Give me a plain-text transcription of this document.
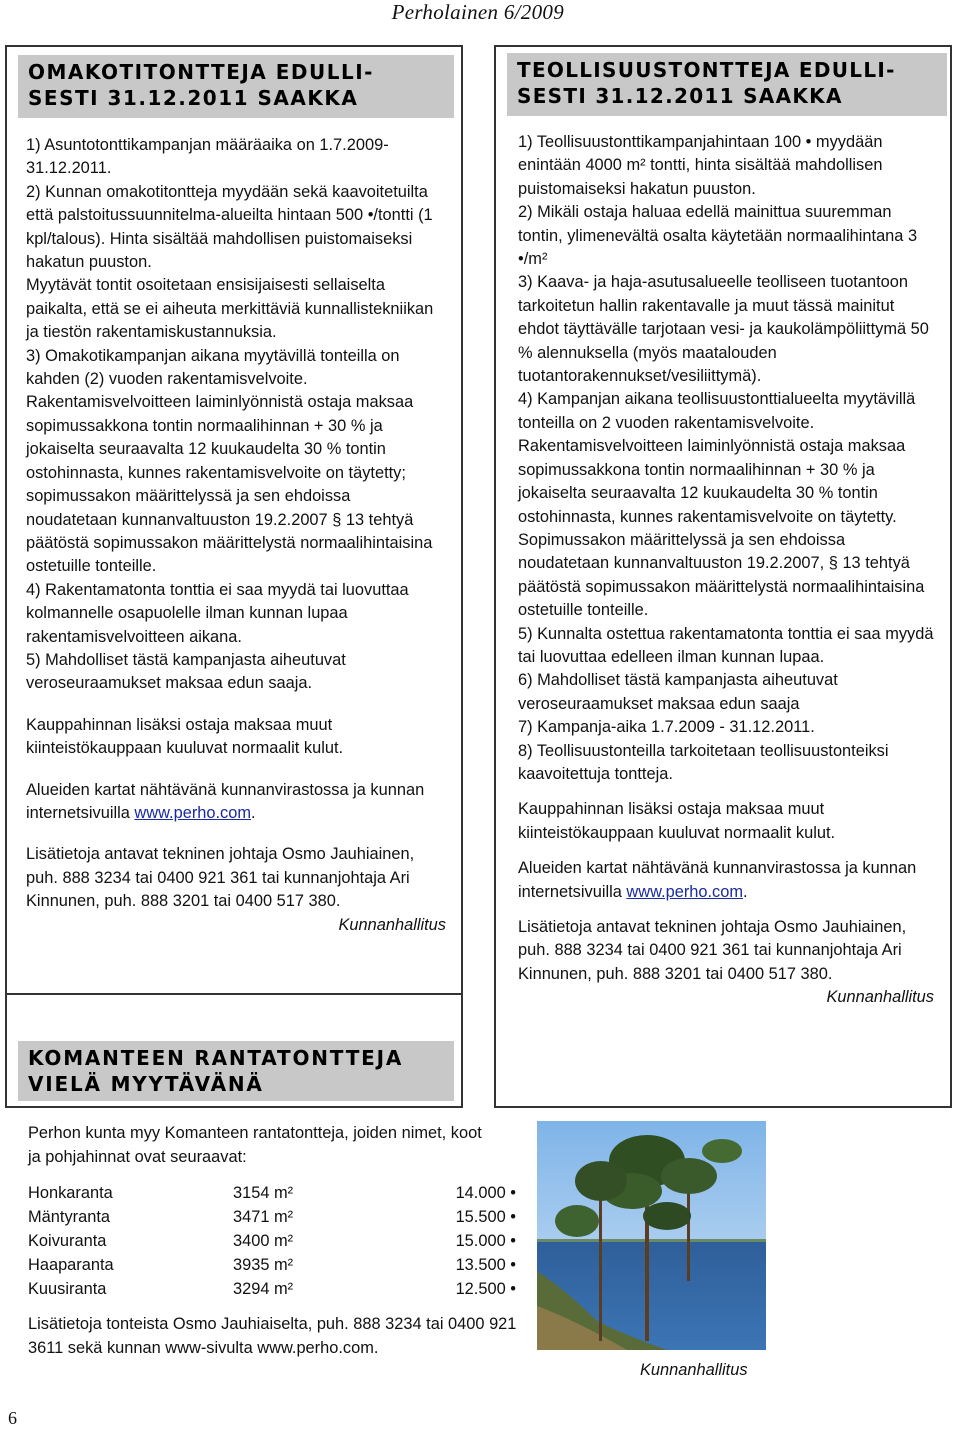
Perholainen 6/2009
OMAKOTITONTTEJA EDULLI-
SESTI 31.12.2011 SAAKKA

1) Asuntotonttikampanjan määräaika on 1.7.2009-31.12.2011.

2) Kunnan omakotitontteja myydään sekä kaavoitetuilta että palstoitussuunnitelma-alueilta hintaan 500 •/tontti (1 kpl/talous). Hinta sisältää mahdollisen puistomaiseksi hakatun puuston.

Myytävät tontit osoitetaan ensisijaisesti sellaiselta paikalta, että se ei aiheuta merkittäviä kunnallistekniikan ja tiestön rakentamiskustannuksia.

3) Omakotikampanjan aikana myytävillä tonteilla on kahden (2) vuoden rakentamisvelvoite. Rakentamisvelvoitteen laiminlyönnistä ostaja maksaa sopimussakkona tontin normaalihinnan + 30 % ja jokaiselta seuraavalta 12 kuukaudelta 30 % tontin ostohinnasta, kunnes rakentamisvelvoite on täytetty; sopimussakon määrittelyssä ja sen ehdoissa noudatetaan kunnanvaltuuston 19.2.2007 § 13 tehtyä päätöstä sopimussakon määrittelystä normaalihintaisina ostetuille tonteille.

4) Rakentamatonta tonttia ei saa myydä tai luovuttaa kolmannelle osapuolelle ilman kunnan lupaa rakentamisvelvoitteen aikana.

5) Mahdolliset tästä kampanjasta aiheutuvat veroseuraamukset maksaa edun saaja.

Kauppahinnan lisäksi ostaja maksaa muut kiinteistökauppaan kuuluvat normaalit kulut.

Alueiden kartat nähtävänä kunnanvirastossa ja kunnan internetsivuilla www.perho.com.

Lisätietoja antavat tekninen johtaja Osmo Jauhiainen, puh. 888 3234 tai 0400 921 361 tai kunnanjohtaja Ari Kinnunen, puh. 888 3201 tai 0400 517 380.

Kunnanhallitus

KOMANTEEN RANTATONTTEJA
VIELÄ MYYTÄVÄNÄ
TEOLLISUUSTONTTEJA EDULLI-
SESTI 31.12.2011 SAAKKA

1) Teollisuustonttikampanjahintaan 100 • myydään enintään 4000 m² tontti, hinta sisältää mahdollisen puistomaiseksi hakatun puuston.

2) Mikäli ostaja haluaa edellä mainittua suuremman tontin, ylimenevältä osalta käytetään normaalihintana 3 •/m²

3) Kaava- ja haja-asutusalueelle teolliseen tuotantoon tarkoitetun hallin rakentavalle ja muut tässä mainitut ehdot täyttävälle tarjotaan vesi- ja kaukolämpöliittymä 50 % alennuksella (myös maatalouden tuotantorakennukset/vesiliittymä).

4) Kampanjan aikana teollisuustonttialueelta myytävillä tonteilla on 2 vuoden rakentamisvelvoite. Rakentamisvelvoitteen laiminlyönnistä ostaja maksaa sopimussakkona tontin normaalihinnan + 30 % ja jokaiselta seuraavalta 12 kuukaudelta 30 % tontin ostohinnasta, kunnes rakentamisvelvoite on täytetty. Sopimussakon määrittelyssä ja sen ehdoissa noudatetaan kunnanvaltuuston 19.2.2007, § 13 tehtyä päätöstä sopimussakon määrittelystä normaalihintaisina ostetuille tonteille.

5) Kunnalta ostettua rakentamatonta tonttia ei saa myydä tai luovuttaa edelleen ilman kunnan lupaa.

6) Mahdolliset tästä kampanjasta aiheutuvat veroseuraamukset maksaa edun saaja

7) Kampanja-aika 1.7.2009 - 31.12.2011.

8) Teollisuustonteilla tarkoitetaan teollisuustonteiksi kaavoitettuja tontteja.

Kauppahinnan lisäksi ostaja maksaa muut kiinteistökauppaan kuuluvat normaalit kulut.

Alueiden kartat nähtävänä kunnanvirastossa ja kunnan internetsivuilla www.perho.com.

Lisätietoja antavat tekninen johtaja Osmo Jauhiainen, puh. 888 3234 tai 0400 921 361 tai kunnanjohtaja Ari Kinnunen, puh. 888 3201 tai 0400 517 380.

Kunnanhallitus

Perhon kunta myy Komanteen rantatontteja, joiden nimet, koot ja pohjahinnat ovat seuraavat:
Honkaranta	3154 m²	14.000 •
Mäntyranta	3471 m²	15.500 •
Koivuranta	3400 m²	15.000 •
Haaparanta	3935 m²	13.500 •
Kuusiranta	3294 m²	12.500 •
Lisätietoja tonteista Osmo Jauhiaiselta, puh. 888 3234 tai 0400 921 3611 sekä kunnan www-sivulta www.perho.com.
Kunnanhallitus
6
